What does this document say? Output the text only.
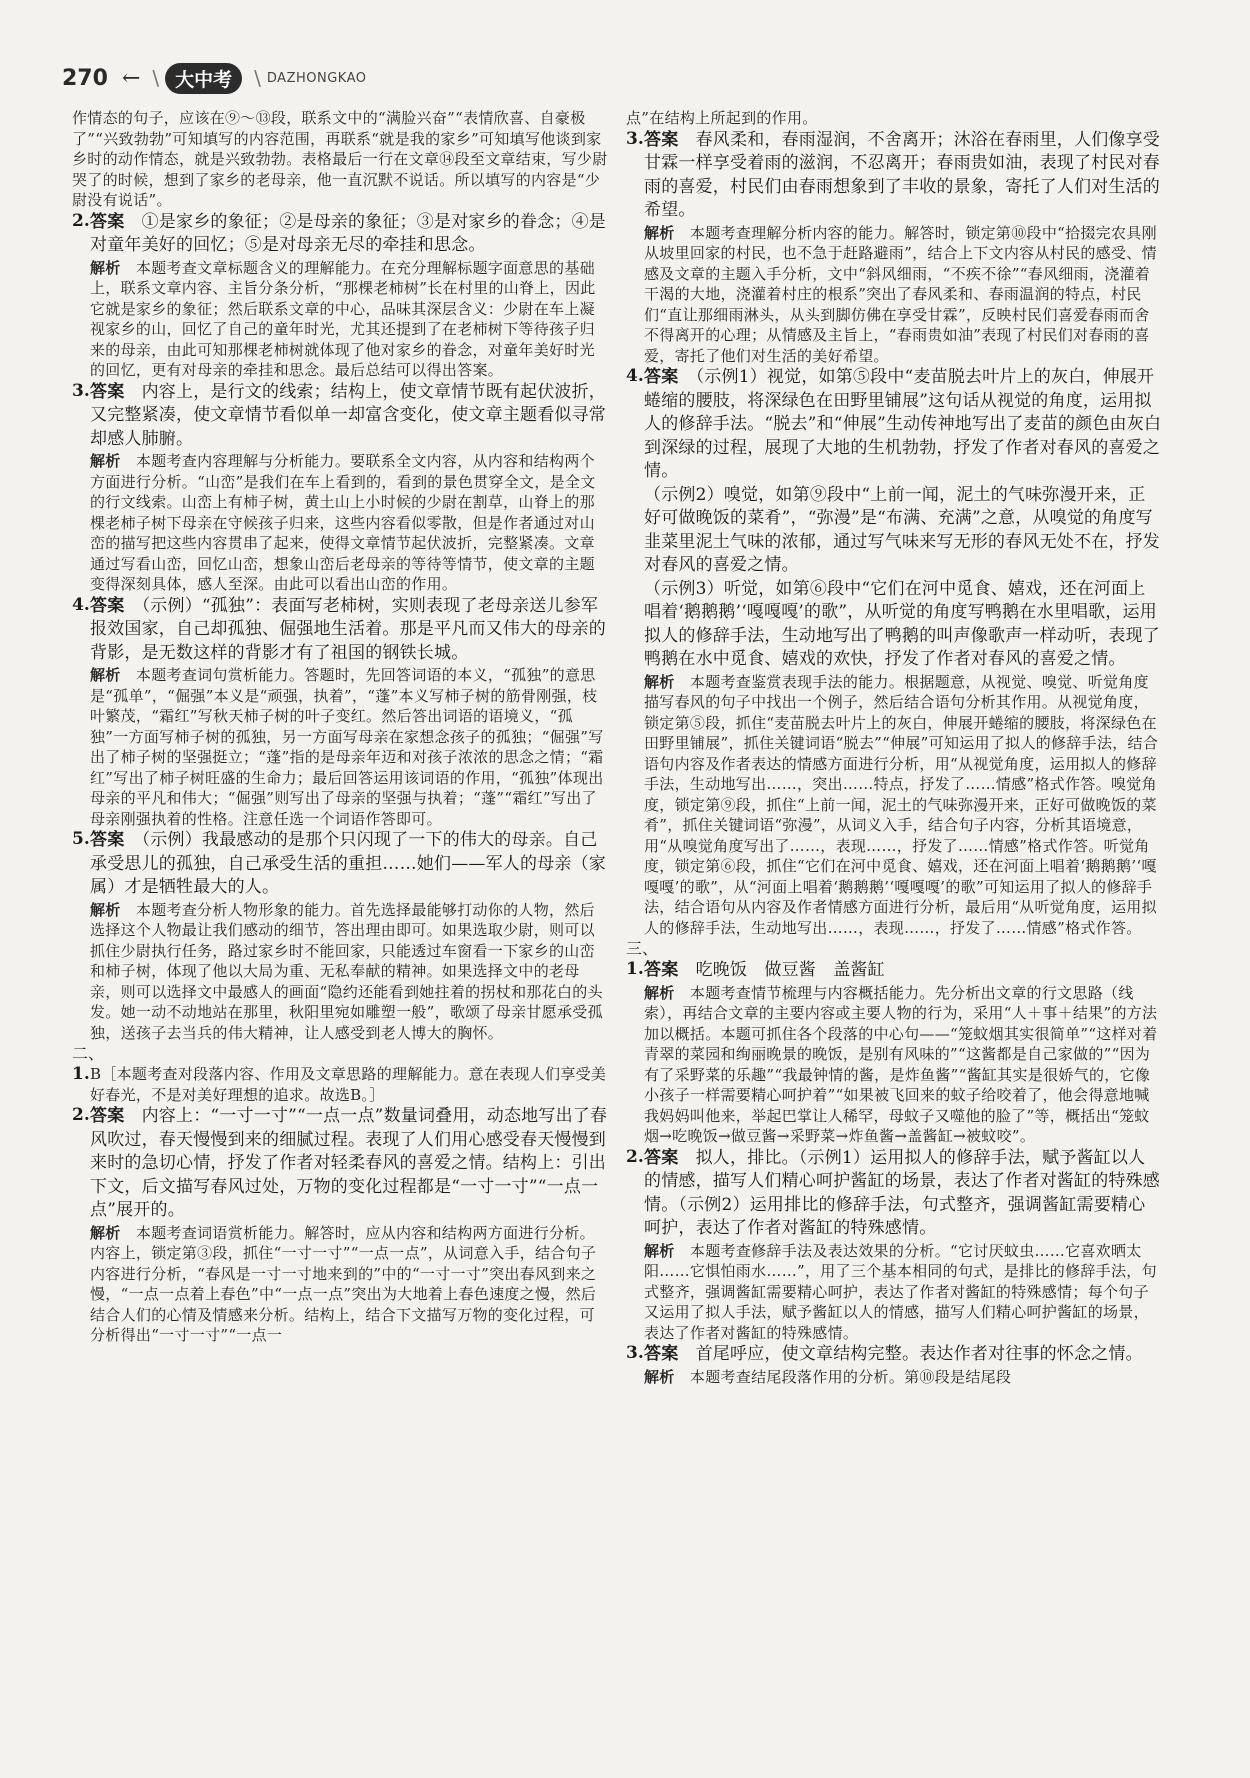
270 ← \ 大中考	\ DAZHONGKAO

作情态的句子，应该在⑨～⑬段，联系文中的“满脸兴奋”“表情欣喜、自豪极了”“兴致勃勃”可知填写的内容范围，再联系“就是我的家乡”可知填写他谈到家乡时的动作情态，就是兴致勃勃。表格最后一行在文章⑭段至文章结束，写少尉哭了的时候，想到了家乡的老母亲，他一直沉默不说话。所以填写的内容是“少尉没有说话”。

2. 答案　 ①是家乡的象征；②是母亲的象征；③是对家乡的眷念；④是对童年美好的回忆；⑤是对母亲无尽的牵挂和思念。

解析　 本题考查文章标题含义的理解能力。在充分理解标题字面意思的基础上，联系文章内容、主旨分条分析，“那棵老柿树”长在村里的山脊上，因此它就是家乡的象征；然后联系文章的中心，品味其深层含义：少尉在车上凝视家乡的山，回忆了自己的童年时光，尤其还提到了在老柿树下等待孩子归来的母亲，由此可知那棵老柿树就体现了他对家乡的眷念，对童年美好时光的回忆，更有对母亲的牵挂和思念。最后总结可以得出答案。

3. 答案　 内容上，是行文的线索；结构上，使文章情节既有起伏波折，又完整紧凑，使文章情节看似单一却富含变化，使文章主题看似寻常却感人肺腑。

解析　 本题考查内容理解与分析能力。要联系全文内容，从内容和结构两个方面进行分析。“山峦”是我们在车上看到的，看到的景色贯穿全文，是全文的行文线索。山峦上有柿子树，黄土山上小时候的少尉在割草，山脊上的那棵老柿子树下母亲在守候孩子归来，这些内容看似零散，但是作者通过对山峦的描写把这些内容贯串了起来，使得文章情节起伏波折，完整紧凑。文章通过写看山峦，回忆山峦，想象山峦后老母亲的等待等情节，使文章的主题变得深刻具体，感人至深。由此可以看出山峦的作用。

4. 答案　 （示例）“孤独”：表面写老柿树，实则表现了老母亲送儿参军报效国家，自己却孤独、倔强地生活着。那是平凡而又伟大的母亲的背影，是无数这样的背影才有了祖国的钢铁长城。

解析　 本题考查词句赏析能力。答题时，先回答词语的本义，“孤独”的意思是“孤单”，“倔强”本义是“顽强，执着”，“蓬”本义写柿子树的筋骨刚强，枝叶繁茂，“霜红”写秋天柿子树的叶子变红。然后答出词语的语境义，“孤独”一方面写柿子树的孤独，另一方面写母亲在家想念孩子的孤独；“倔强”写出了柿子树的坚强挺立；“蓬”指的是母亲年迈和对孩子浓浓的思念之情；“霜红”写出了柿子树旺盛的生命力；最后回答运用该词语的作用，“孤独”体现出母亲的平凡和伟大；“倔强”则写出了母亲的坚强与执着；“蓬”“霜红”写出了母亲刚强执着的性格。注意任选一个词语作答即可。

5. 答案　 （示例）我最感动的是那个只闪现了一下的伟大的母亲。自己承受思儿的孤独，自己承受生活的重担……她们——军人的母亲（家属）才是牺牲最大的人。

解析　 本题考查分析人物形象的能力。首先选择最能够打动你的人物，然后选择这个人物最让我们感动的细节，答出理由即可。如果选取少尉，则可以抓住少尉执行任务，路过家乡时不能回家，只能透过车窗看一下家乡的山峦和柿子树，体现了他以大局为重、无私奉献的精神。如果选择文中的老母亲，则可以选择文中最感人的画面“隐约还能看到她拄着的拐杖和那花白的头发。她一动不动地站在那里，秋阳里宛如雕塑一般”，歌颂了母亲甘愿承受孤独，送孩子去当兵的伟大精神，让人感受到老人博大的胸怀。

二、

1. B［本题考查对段落内容、作用及文章思路的理解能力。意在表现人们享受美好春光，不是对美好理想的追求。故选B。］

2. 答案　 内容上：“一寸一寸”“一点一点”数量词叠用，动态地写出了春风吹过，春天慢慢到来的细腻过程。表现了人们用心感受春天慢慢到来时的急切心情，抒发了作者对轻柔春风的喜爱之情。结构上：引出下文，后文描写春风过处，万物的变化过程都是“一寸一寸”“一点一点”展开的。

解析　 本题考查词语赏析能力。解答时，应从内容和结构两方面进行分析。内容上，锁定第③段，抓住“一寸一寸”“一点一点”，从词意入手，结合句子内容进行分析，“春风是一寸一寸地来到的”中的“一寸一寸”突出春风到来之慢，“一点一点着上春色”中“一点一点”突出为大地着上春色速度之慢，然后结合人们的心情及情感来分析。结构上，结合下文描写万物的变化过程，可分析得出“一寸一寸”“一点一

点”在结构上所起到的作用。

3. 答案　 春风柔和，春雨湿润，不舍离开；沐浴在春雨里，人们像享受甘霖一样享受着雨的滋润，不忍离开；春雨贵如油，表现了村民对春雨的喜爱，村民们由春雨想象到了丰收的景象，寄托了人们对生活的希望。

解析　 本题考查理解分析内容的能力。解答时，锁定第⑩段中“拾掇完农具刚从坡里回家的村民，也不急于赶路避雨”，结合上下文内容从村民的感受、情感及文章的主题入手分析，文中“斜风细雨，“不疾不徐”“春风细雨，浇灌着干渴的大地，浇灌着村庄的根系”突出了春风柔和、春雨温润的特点，村民们“直让那细雨淋头，从头到脚仿佛在享受甘霖”，反映村民们喜爱春雨而舍不得离开的心理；从情感及主旨上，“春雨贵如油”表现了村民们对春雨的喜爱，寄托了他们对生活的美好希望。

4. 答案　 （示例1）视觉，如第⑤段中“麦苗脱去叶片上的灰白，伸展开蜷缩的腰肢，将深绿色在田野里铺展”这句话从视觉的角度，运用拟人的修辞手法。“脱去”和“伸展”生动传神地写出了麦苗的颜色由灰白到深绿的过程，展现了大地的生机勃勃，抒发了作者对春风的喜爱之情。

（示例2）嗅觉，如第⑨段中“上前一闻，泥土的气味弥漫开来，正好可做晚饭的菜肴”，“弥漫”是“布满、充满”之意，从嗅觉的角度写韭菜里泥土气味的浓郁，通过写气味来写无形的春风无处不在，抒发对春风的喜爱之情。

（示例3）听觉，如第⑥段中“它们在河中觅食、嬉戏，还在河面上唱着‘鹅鹅鹅’‘嘎嘎嘎’的歌”，从听觉的角度写鸭鹅在水里唱歌，运用拟人的修辞手法，生动地写出了鸭鹅的叫声像歌声一样动听，表现了鸭鹅在水中觅食、嬉戏的欢快，抒发了作者对春风的喜爱之情。

解析　 本题考查鉴赏表现手法的能力。根据题意，从视觉、嗅觉、听觉角度描写春风的句子中找出一个例子，然后结合语句分析其作用。从视觉角度，锁定第⑤段，抓住“麦苗脱去叶片上的灰白，伸展开蜷缩的腰肢，将深绿色在田野里铺展”，抓住关键词语“脱去”“伸展”可知运用了拟人的修辞手法，结合语句内容及作者表达的情感方面进行分析，用“从视觉角度，运用拟人的修辞手法，生动地写出……，突出……特点，抒发了……情感”格式作答。嗅觉角度，锁定第⑨段，抓住“上前一闻，泥土的气味弥漫开来，正好可做晚饭的菜肴”，抓住关键词语“弥漫”，从词义入手，结合句子内容，分析其语境意，用“从嗅觉角度写出了……，表现……，抒发了……情感”格式作答。听觉角度，锁定第⑥段，抓住“它们在河中觅食、嬉戏，还在河面上唱着‘鹅鹅鹅’‘嘎嘎嘎’的歌”，从“河面上唱着‘鹅鹅鹅’‘嘎嘎嘎’的歌”可知运用了拟人的修辞手法，结合语句从内容及作者情感方面进行分析，最后用“从听觉角度，运用拟人的修辞手法，生动地写出……，表现……，抒发了……情感”格式作答。

三、

1. 答案　 吃晚饭　做豆酱　盖酱缸

解析　 本题考查情节梳理与内容概括能力。先分析出文章的行文思路（线索），再结合文章的主要内容或主要人物的行为，采用“人＋事＋结果”的方法加以概括。本题可抓住各个段落的中心句——“笼蚊烟其实很简单”“这样对着青翠的菜园和绚丽晚景的晚饭，是别有风味的”“这酱都是自己家做的”“因为有了采野菜的乐趣”“我最钟情的酱，是炸鱼酱”“酱缸其实是很娇气的，它像小孩子一样需要精心呵护着”“如果被飞回来的蚊子给咬着了，他会得意地喊我妈妈叫他来，举起巴掌让人稀罕，母蚊子又噬他的脸了”等，概括出“笼蚊烟→吃晚饭→做豆酱→采野菜→炸鱼酱→盖酱缸→被蚊咬”。

2. 答案　 拟人，排比。（示例1）运用拟人的修辞手法，赋予酱缸以人的情感，描写人们精心呵护酱缸的场景，表达了作者对酱缸的特殊感情。（示例2）运用排比的修辞手法，句式整齐，强调酱缸需要精心呵护，表达了作者对酱缸的特殊感情。

解析　 本题考查修辞手法及表达效果的分析。“它讨厌蚊虫……它喜欢晒太阳……它惧怕雨水……”，用了三个基本相同的句式，是排比的修辞手法，句式整齐，强调酱缸需要精心呵护，表达了作者对酱缸的特殊感情；每个句子又运用了拟人手法，赋予酱缸以人的情感，描写人们精心呵护酱缸的场景，表达了作者对酱缸的特殊感情。

3. 答案　 首尾呼应，使文章结构完整。表达作者对往事的怀念之情。

解析　 本题考查结尾段落作用的分析。第⑩段是结尾段
